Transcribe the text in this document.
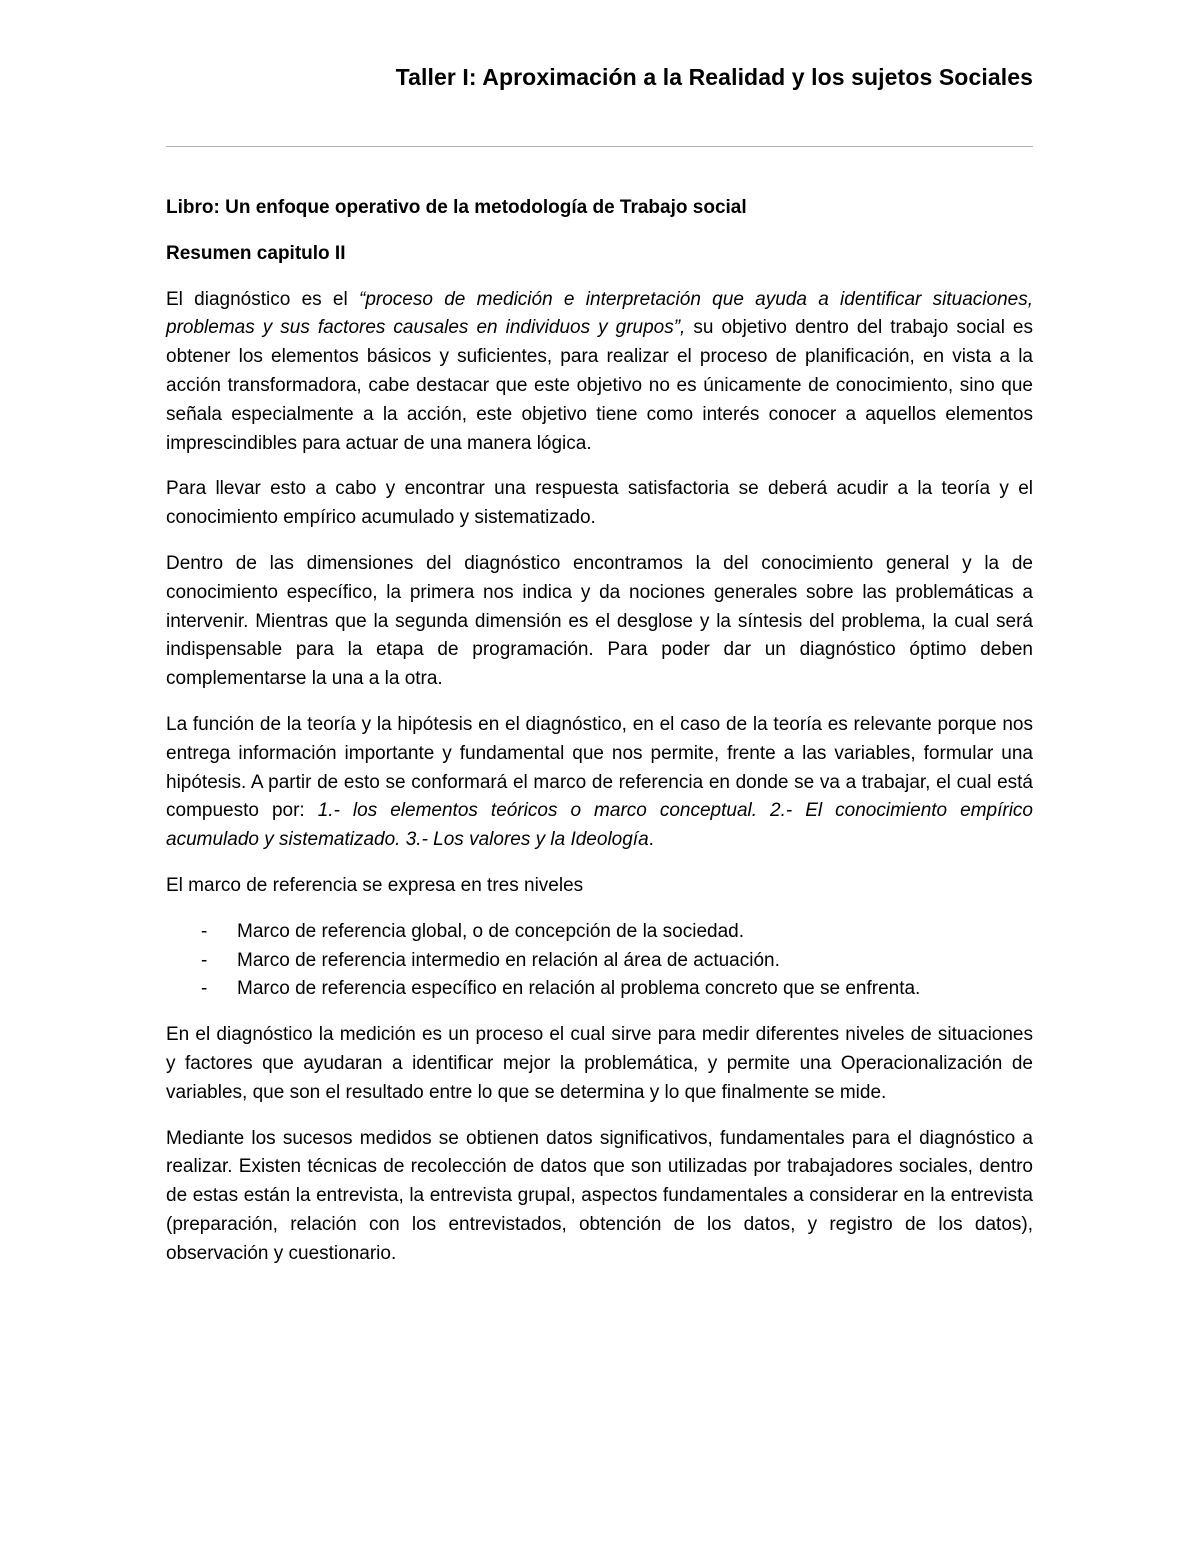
Taller I: Aproximación a la Realidad y los sujetos Sociales

Libro: Un enfoque operativo de la metodología de Trabajo social

Resumen capitulo II

El diagnóstico es el “proceso de medición e interpretación que ayuda a identificar situaciones, problemas y sus factores causales en individuos y grupos”, su objetivo dentro del trabajo social es obtener los elementos básicos y suficientes, para realizar el proceso de planificación, en vista a la acción transformadora, cabe destacar que este objetivo no es únicamente de conocimiento, sino que señala especialmente a la acción, este objetivo tiene como interés conocer a aquellos elementos imprescindibles para actuar de una manera lógica.

Para llevar esto a cabo y encontrar una respuesta satisfactoria se deberá acudir a la teoría y el conocimiento empírico acumulado y sistematizado.

Dentro de las dimensiones del diagnóstico encontramos la del conocimiento general y la de conocimiento específico, la primera nos indica y da nociones generales sobre las problemáticas a intervenir. Mientras que la segunda dimensión es el desglose y la síntesis del problema, la cual será indispensable para la etapa de programación. Para poder dar un diagnóstico óptimo deben complementarse la una a la otra.

La función de la teoría y la hipótesis en el diagnóstico, en el caso de la teoría es relevante porque nos entrega información importante y fundamental que nos permite, frente a las variables, formular una hipótesis. A partir de esto se conformará el marco de referencia en donde se va a trabajar, el cual está compuesto por: 1.- los elementos teóricos o marco conceptual. 2.- El conocimiento empírico acumulado y sistematizado. 3.- Los valores y la Ideología.

El marco de referencia se expresa en tres niveles

- Marco de referencia global, o de concepción de la sociedad.
- Marco de referencia intermedio en relación al área de actuación.
- Marco de referencia específico en relación al problema concreto que se enfrenta.

En el diagnóstico la medición es un proceso el cual sirve para medir diferentes niveles de situaciones y factores que ayudaran a identificar mejor la problemática, y permite una Operacionalización de variables, que son el resultado entre lo que se determina y lo que finalmente se mide.

Mediante los sucesos medidos se obtienen datos significativos, fundamentales para el diagnóstico a realizar. Existen técnicas de recolección de datos que son utilizadas por trabajadores sociales, dentro de estas están la entrevista, la entrevista grupal, aspectos fundamentales a considerar en la entrevista (preparación, relación con los entrevistados, obtención de los datos, y registro de los datos), observación y cuestionario.
